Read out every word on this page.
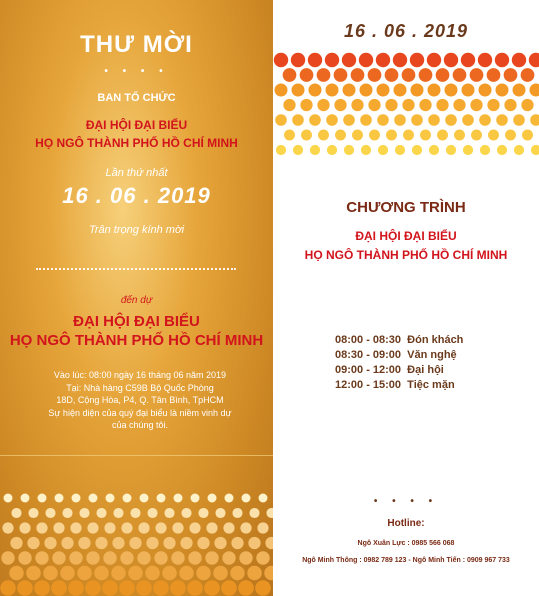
THƯ MỜI
• • • •
BAN TỔ CHỨC
ĐẠI HỘI ĐẠI BIỂU
HỌ NGÔ THÀNH PHỐ HỒ CHÍ MINH
Lần thứ nhất
16 . 06 . 2019
Trân trọng kính mời
đến dự
ĐẠI HỘI ĐẠI BIỂU
HỌ NGÔ THÀNH PHỐ HỒ CHÍ MINH
Vào lúc: 08:00 ngày 16 tháng 06 năm 2019
Tại: Nhà hàng C59B Bộ Quốc Phòng
18D, Cộng Hòa, P4, Q. Tân Bình, TpHCM
Sự hiện diện của quý đại biểu là niềm vinh dự
của chúng tôi.
16 . 06 . 2019
CHƯƠNG TRÌNH
ĐẠI HỘI ĐẠI BIỂU
HỌ NGÔ THÀNH PHỐ HỒ CHÍ MINH
08:00 - 08:30 Đón khách
08:30 - 09:00 Văn nghệ
09:00 - 12:00 Đại hội
12:00 - 15:00 Tiệc mặn
• • • •
Hotline:
Ngô Xuân Lực : 0985 566 068
Ngô Minh Thông : 0982 789 123 - Ngô Minh Tiến : 0909 967 733
